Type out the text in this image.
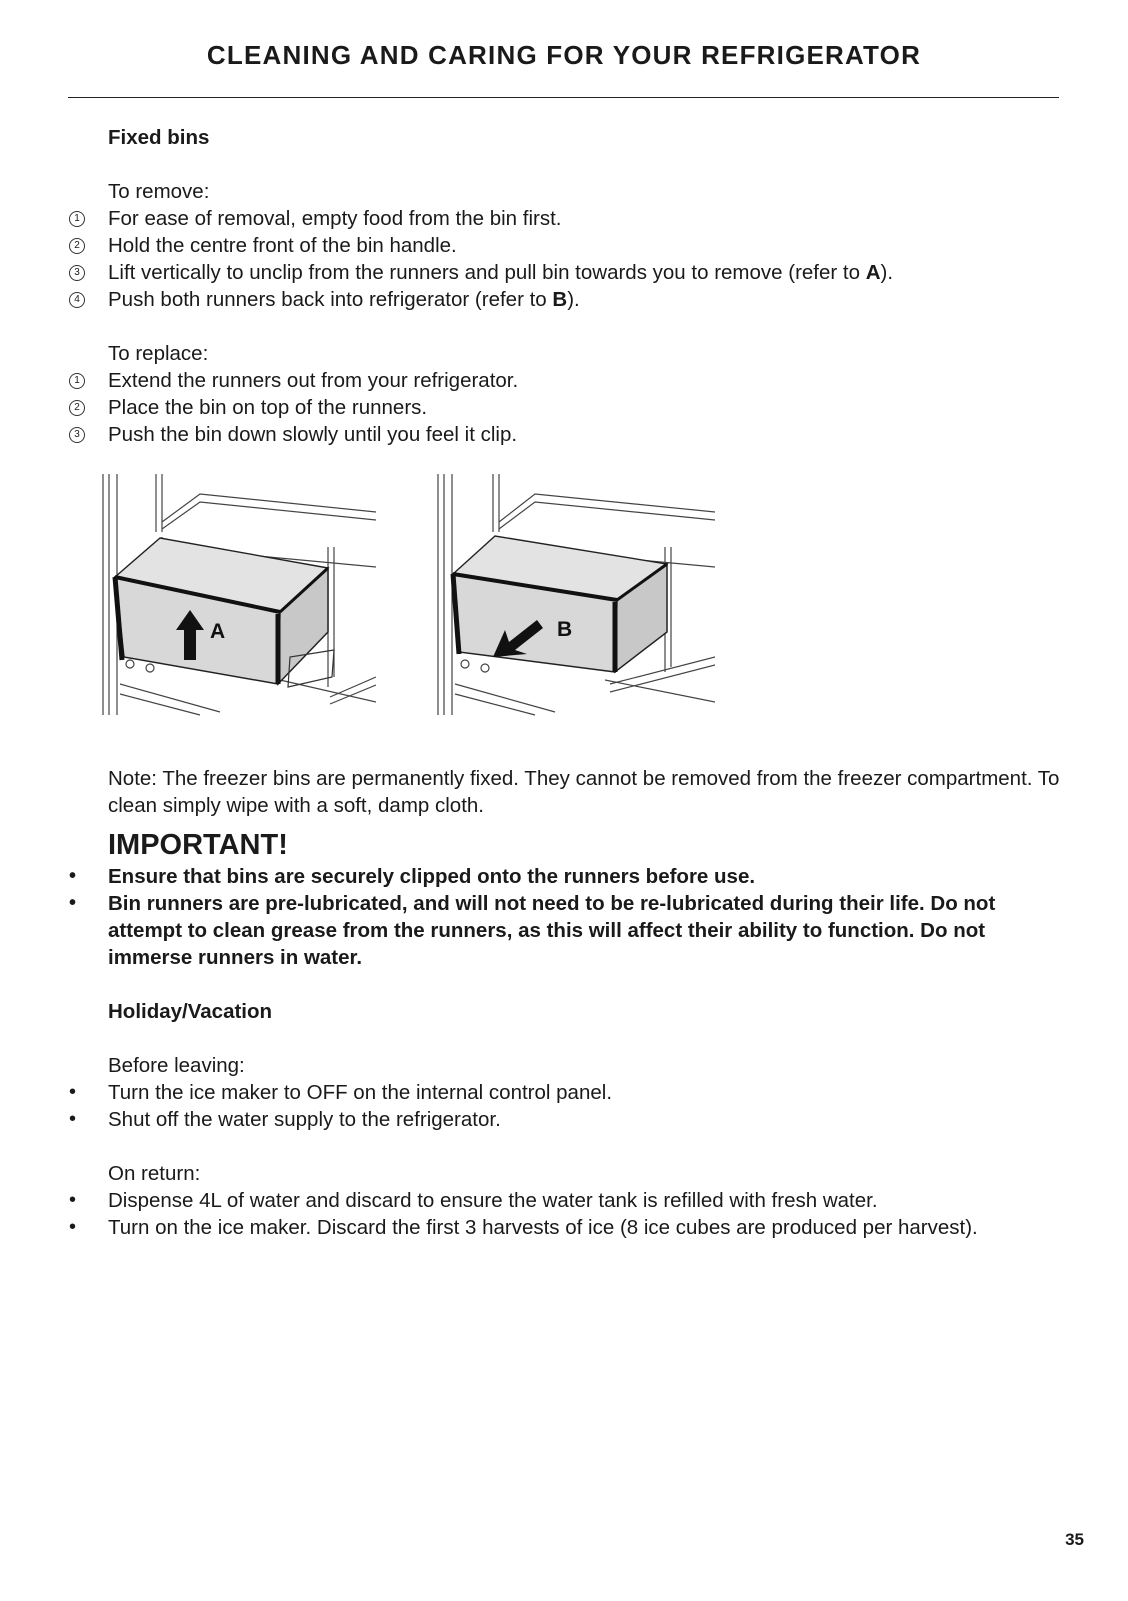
CLEANING AND CARING FOR YOUR REFRIGERATOR
Fixed bins
To remove:
1 For ease of removal, empty food from the bin first.
2 Hold the centre front of the bin handle.
3 Lift vertically to unclip from the runners and pull bin towards you to remove (refer to A).
4 Push both runners back into refrigerator (refer to B).
To replace:
1 Extend the runners out from your refrigerator.
2 Place the bin on top of the runners.
3 Push the bin down slowly until you feel it clip.
A	B
Note: The freezer bins are permanently fixed. They cannot be removed from the freezer compartment. To clean simply wipe with a soft, damp cloth.
IMPORTANT!
• Ensure that bins are securely clipped onto the runners before use.
• Bin runners are pre-lubricated, and will not need to be re-lubricated during their life. Do not attempt to clean grease from the runners, as this will affect their ability to function. Do not immerse runners in water.
Holiday/Vacation
Before leaving:
• Turn the ice maker to OFF on the internal control panel.
• Shut off the water supply to the refrigerator.
On return:
• Dispense 4L of water and discard to ensure the water tank is refilled with fresh water.
• Turn on the ice maker. Discard the first 3 harvests of ice (8 ice cubes are produced per harvest).
35
